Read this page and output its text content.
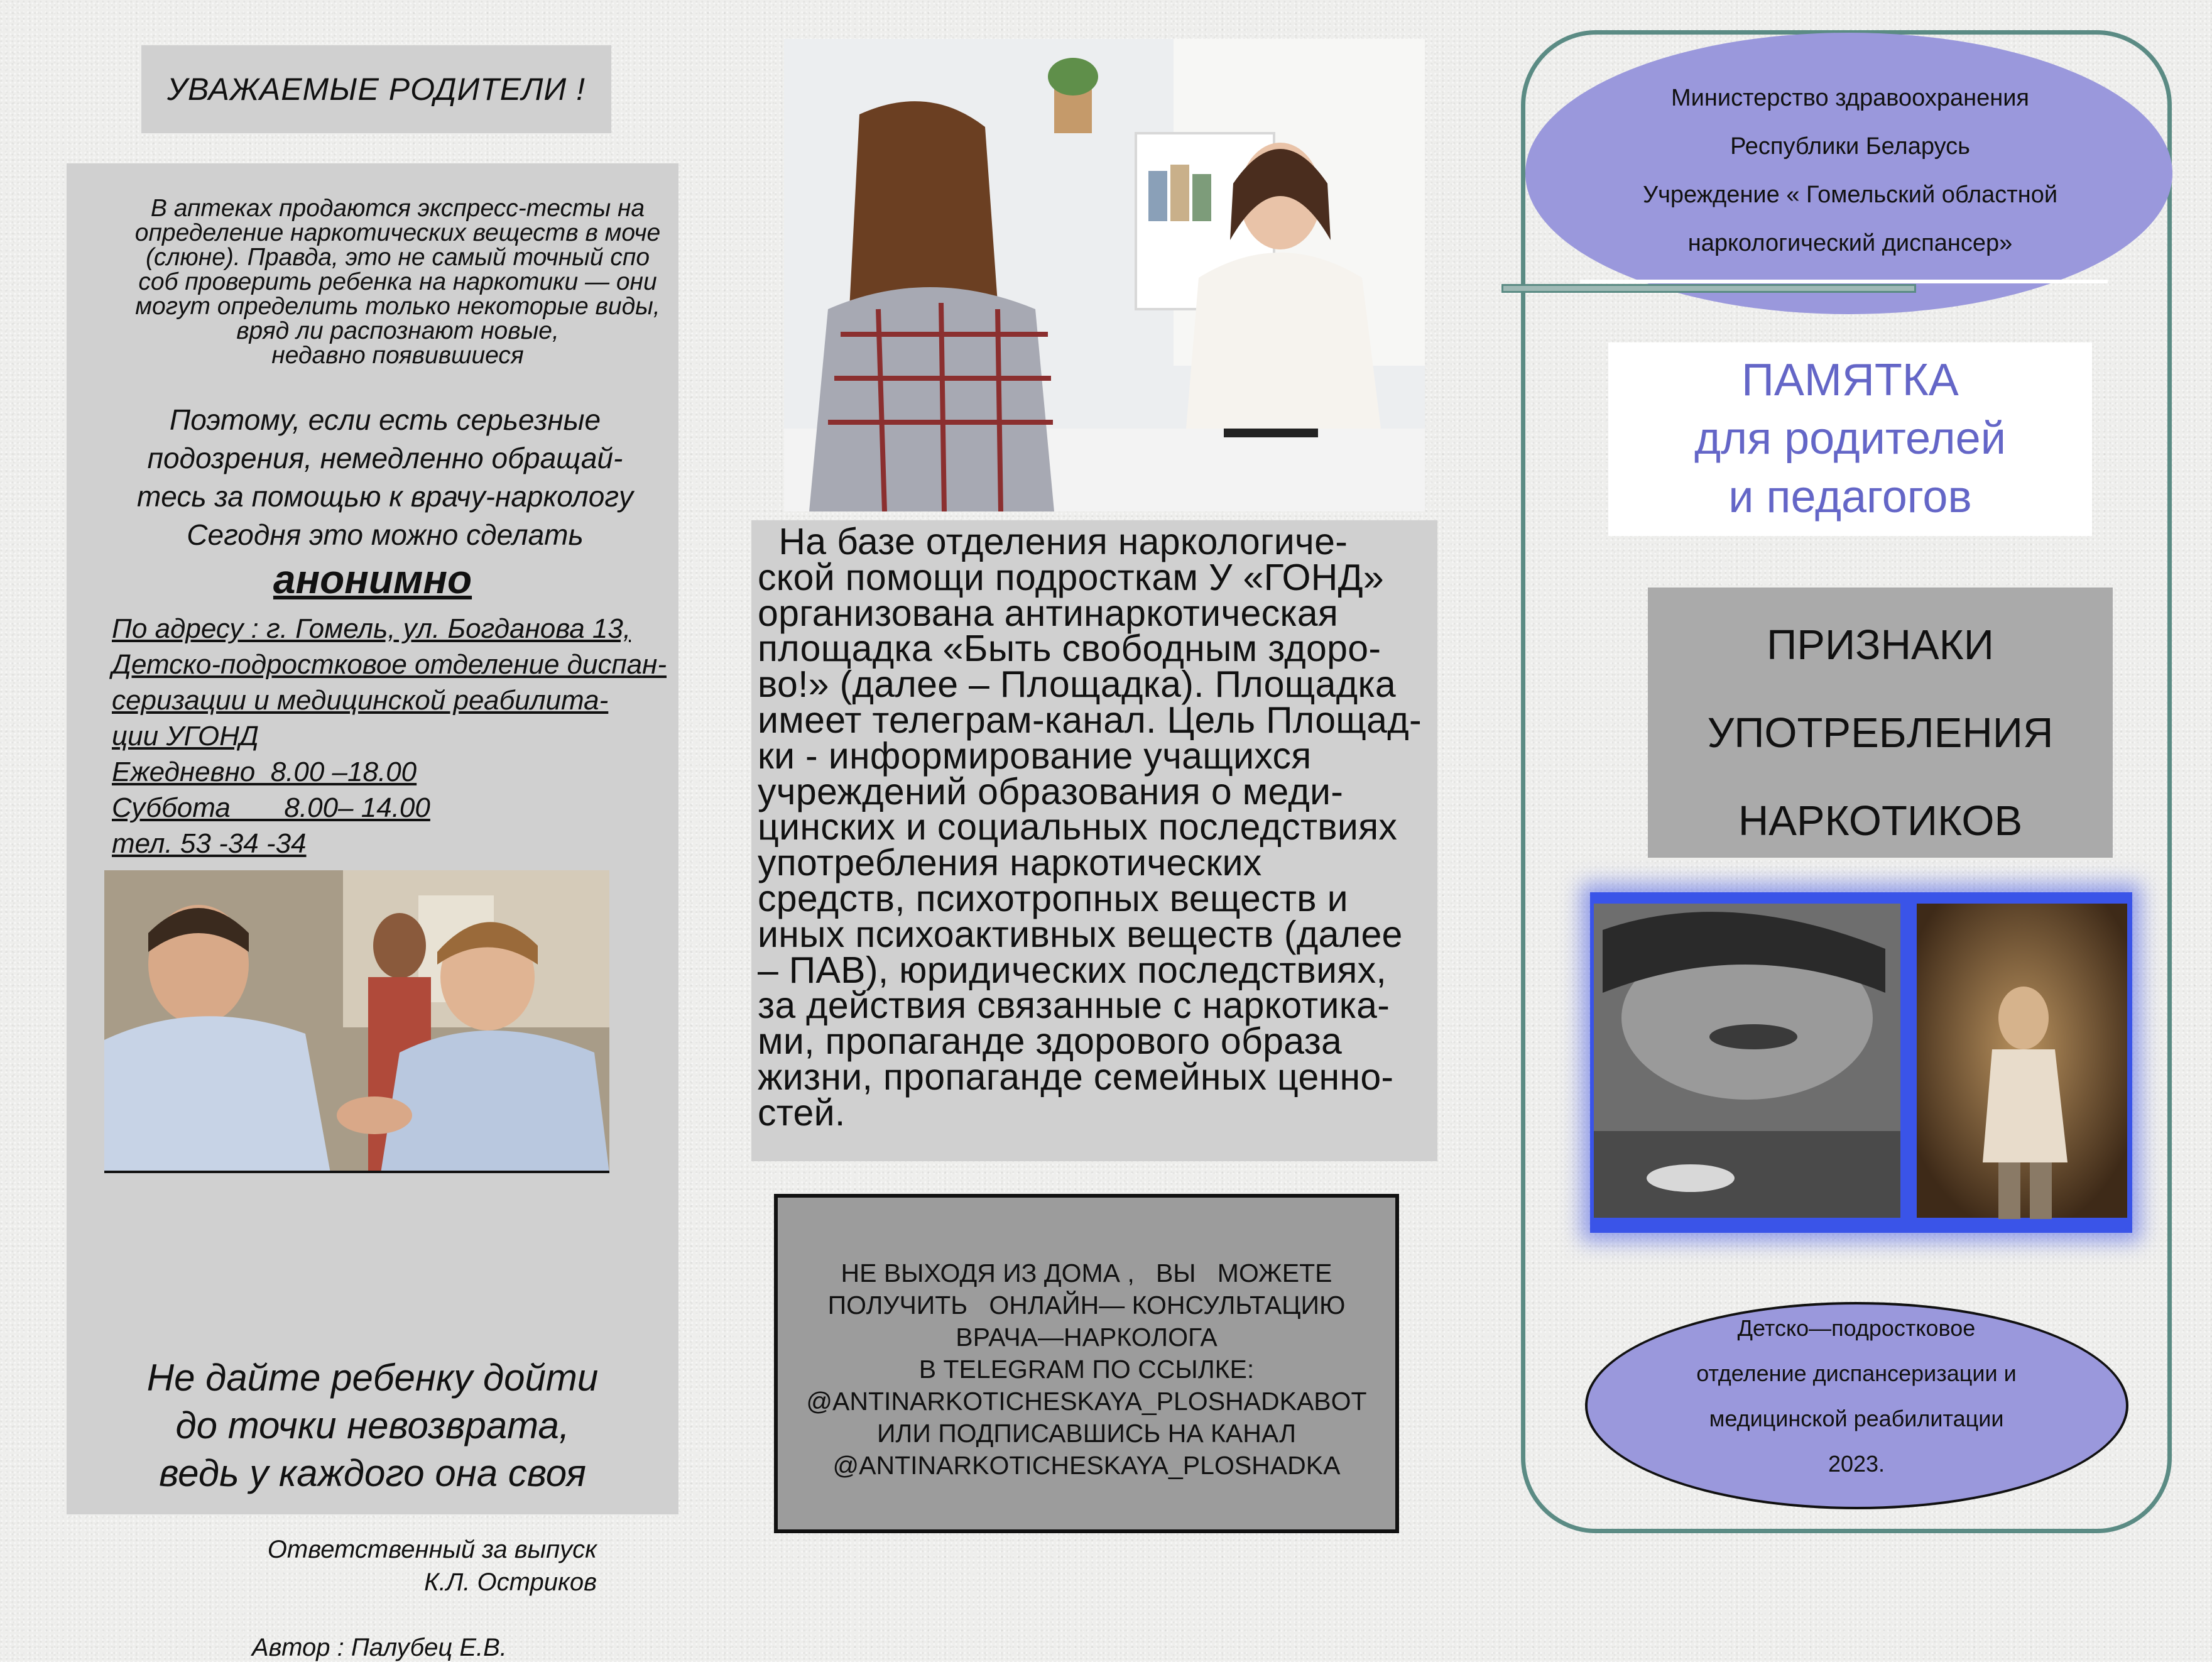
УВАЖАЕМЫЕ РОДИТЕЛИ !
В аптеках продаются экспресс-тесты на
определение наркотических веществ в моче
(слюне). Правда, это не самый точный спо
соб проверить ребенка на наркотики — они
могут определить только некоторые виды,
вряд ли распознают новые,
недавно появившиеся
Поэтому, если есть серьезные
подозрения, немедленно обращай-
тесь за помощью к врачу-наркологу
Сегодня это можно сделать
анонимно
По адресу : г. Гомель, ул. Богданова 13,
Детско-подростковое отделение диспан-
серизации и медицинской реабилита-
ции УГОНД
Ежедневно  8.00 –18.00
Суббота       8.00– 14.00
тел. 53 -34 -34
Не дайте ребенку дойти
до точки невозврата,
ведь у каждого она своя
Ответственный за выпуск
К.Л. Остриков
Автор : Палубец Е.В.
На базе отделения наркологиче-
ской помощи подросткам У «ГОНД»
организована антинаркотическая
площадка «Быть свободным здоро-
во!» (далее – Площадка). Площадка
имеет телеграм-канал. Цель Площад-
ки - информирование учащихся
учреждений образования о меди-
цинских и социальных последствиях
употребления наркотических
средств, психотропных веществ и
иных психоактивных веществ (далее
– ПАВ), юридических последствиях,
за действия связанные с наркотика-
ми, пропаганде здорового образа
жизни, пропаганде семейных ценно-
стей.
НЕ ВЫХОДЯ ИЗ ДОМА ,   ВЫ   МОЖЕТЕ
ПОЛУЧИТЬ   ОНЛАЙН— КОНСУЛЬТАЦИЮ
ВРАЧА—НАРКОЛОГА
В TELEGRAM ПО ССЫЛКЕ:
@ANTINARKOTICHESKAYA_PLOSHADKABOT
ИЛИ ПОДПИСАВШИСЬ НА КАНАЛ
@ANTINARKOTICHESKAYA_PLOSHADKA
Министерство здравоохранения
Республики Беларусь
Учреждение « Гомельский областной
наркологический диспансер»
ПАМЯТКА
для родителей
и педагогов
ПРИЗНАКИ
УПОТРЕБЛЕНИЯ
НАРКОТИКОВ
Детско—подростковое
отделение диспансеризации и
медицинской реабилитации
2023.
